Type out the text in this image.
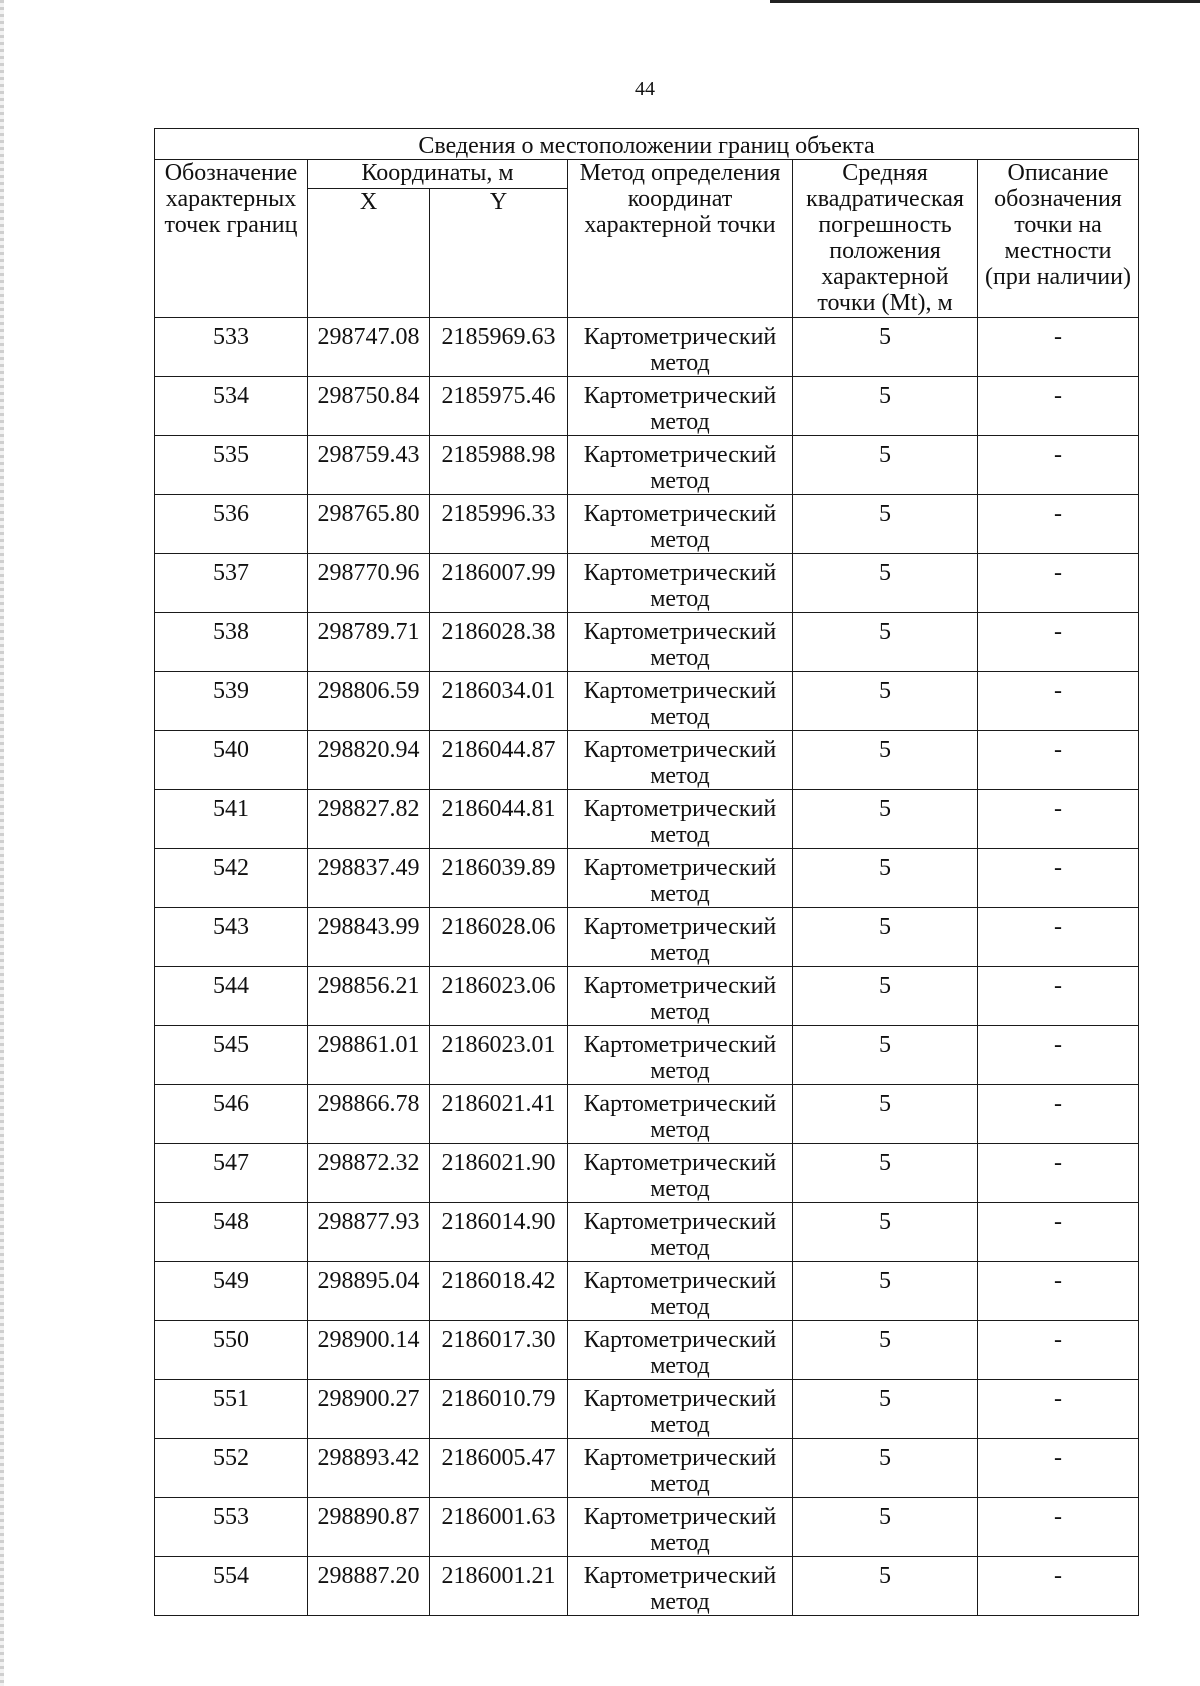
44
Сведения о местоположении границ объекта					
Обозначение характерных точек границ	Координаты, м		Метод определения координат характерной точки	Средняя квадратическая погрешность положения характерной точки (Mt), м	Описание обозначения точки на местности (при наличии)
	X	Y			
533	298747.08	2185969.63	Картометрический метод	5	-
534	298750.84	2185975.46	Картометрический метод	5	-
535	298759.43	2185988.98	Картометрический метод	5	-
536	298765.80	2185996.33	Картометрический метод	5	-
537	298770.96	2186007.99	Картометрический метод	5	-
538	298789.71	2186028.38	Картометрический метод	5	-
539	298806.59	2186034.01	Картометрический метод	5	-
540	298820.94	2186044.87	Картометрический метод	5	-
541	298827.82	2186044.81	Картометрический метод	5	-
542	298837.49	2186039.89	Картометрический метод	5	-
543	298843.99	2186028.06	Картометрический метод	5	-
544	298856.21	2186023.06	Картометрический метод	5	-
545	298861.01	2186023.01	Картометрический метод	5	-
546	298866.78	2186021.41	Картометрический метод	5	-
547	298872.32	2186021.90	Картометрический метод	5	-
548	298877.93	2186014.90	Картометрический метод	5	-
549	298895.04	2186018.42	Картометрический метод	5	-
550	298900.14	2186017.30	Картометрический метод	5	-
551	298900.27	2186010.79	Картометрический метод	5	-
552	298893.42	2186005.47	Картометрический метод	5	-
553	298890.87	2186001.63	Картометрический метод	5	-
554	298887.20	2186001.21	Картометрический метод	5	-
